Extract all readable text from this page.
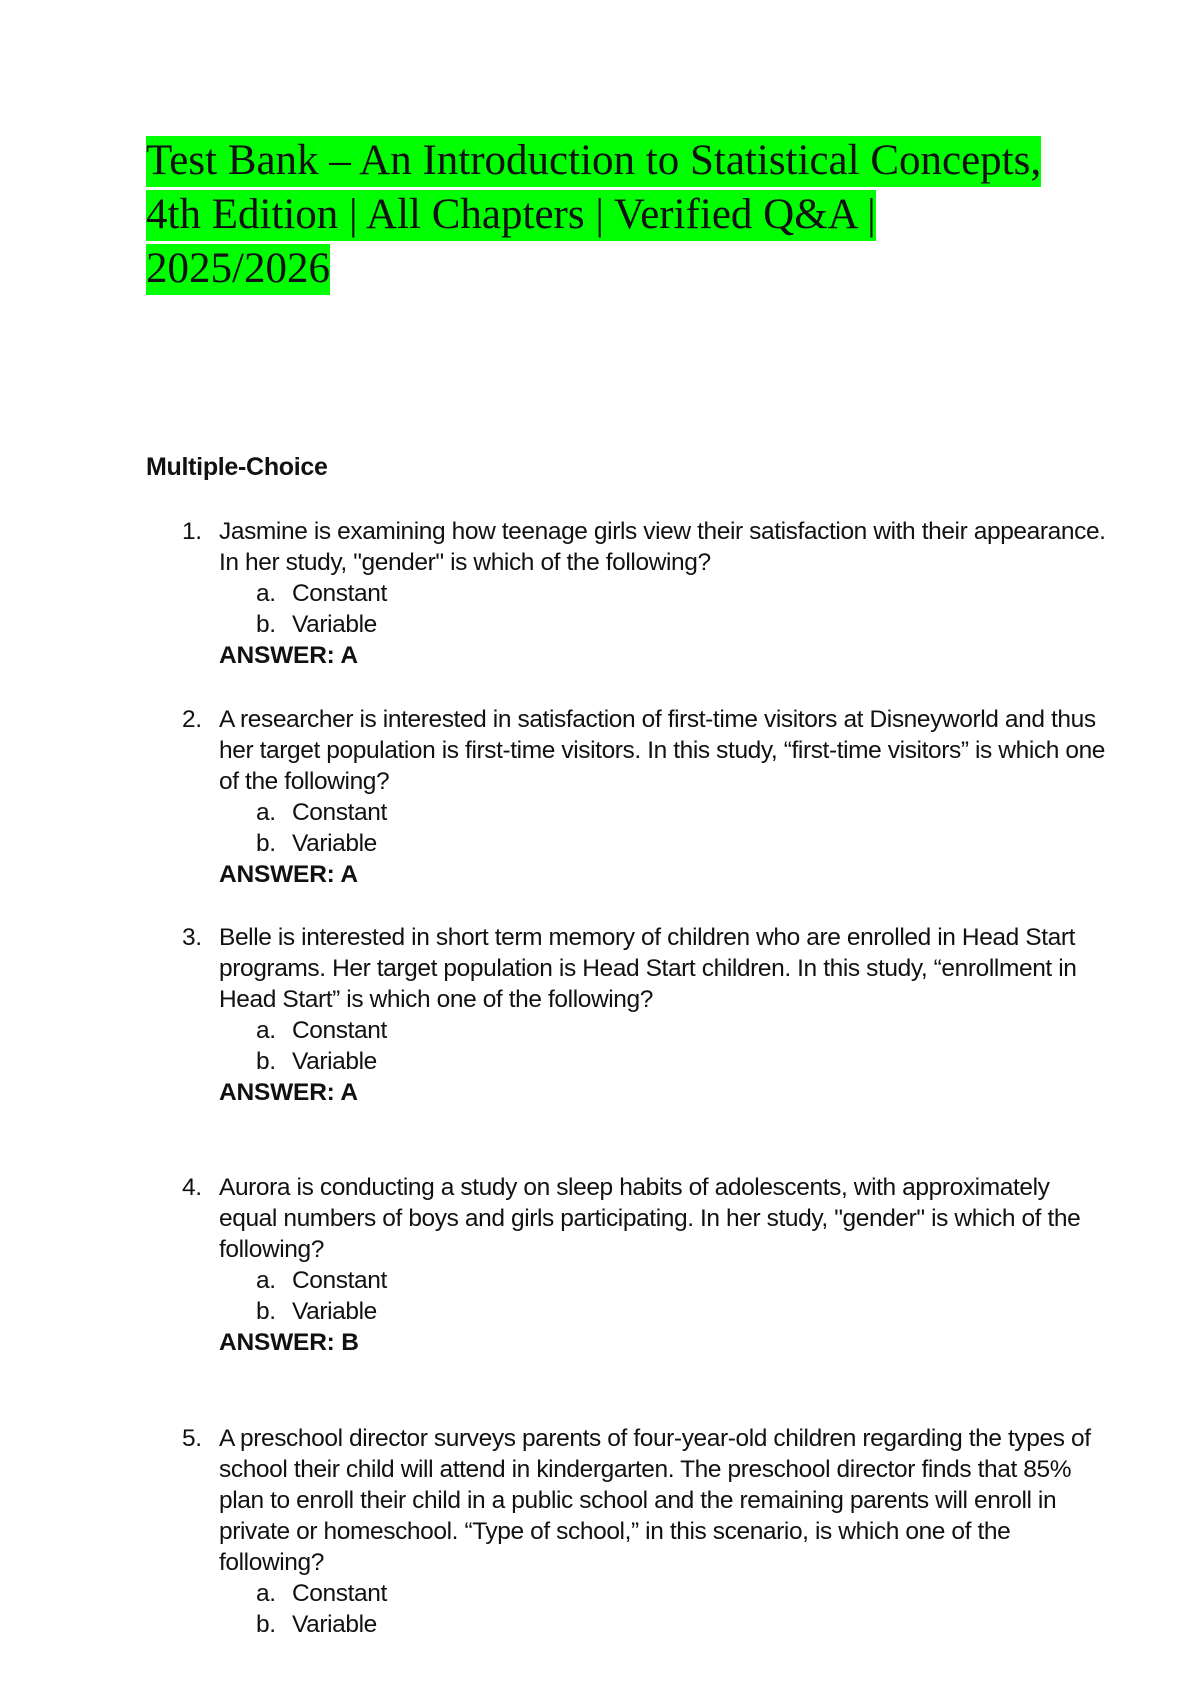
Test Bank – An Introduction to Statistical Concepts,
4th Edition | All Chapters | Verified Q&A |
2025/2026
Multiple-Choice
1. Jasmine is examining how teenage girls view their satisfaction with their appearance. In her study, "gender" is which of the following?
a. Constant
b. Variable
ANSWER: A
2. A researcher is interested in satisfaction of first-time visitors at Disneyworld and thus her target population is first-time visitors. In this study, “first-time visitors” is which one of the following?
a. Constant
b. Variable
ANSWER: A
3. Belle is interested in short term memory of children who are enrolled in Head Start programs. Her target population is Head Start children. In this study, “enrollment in Head Start” is which one of the following?
a. Constant
b. Variable
ANSWER: A
4. Aurora is conducting a study on sleep habits of adolescents, with approximately equal numbers of boys and girls participating. In her study, "gender" is which of the following?
a. Constant
b. Variable
ANSWER: B
5. A preschool director surveys parents of four-year-old children regarding the types of school their child will attend in kindergarten. The preschool director finds that 85% plan to enroll their child in a public school and the remaining parents will enroll in private or homeschool. “Type of school,” in this scenario, is which one of the following?
a. Constant
b. Variable
